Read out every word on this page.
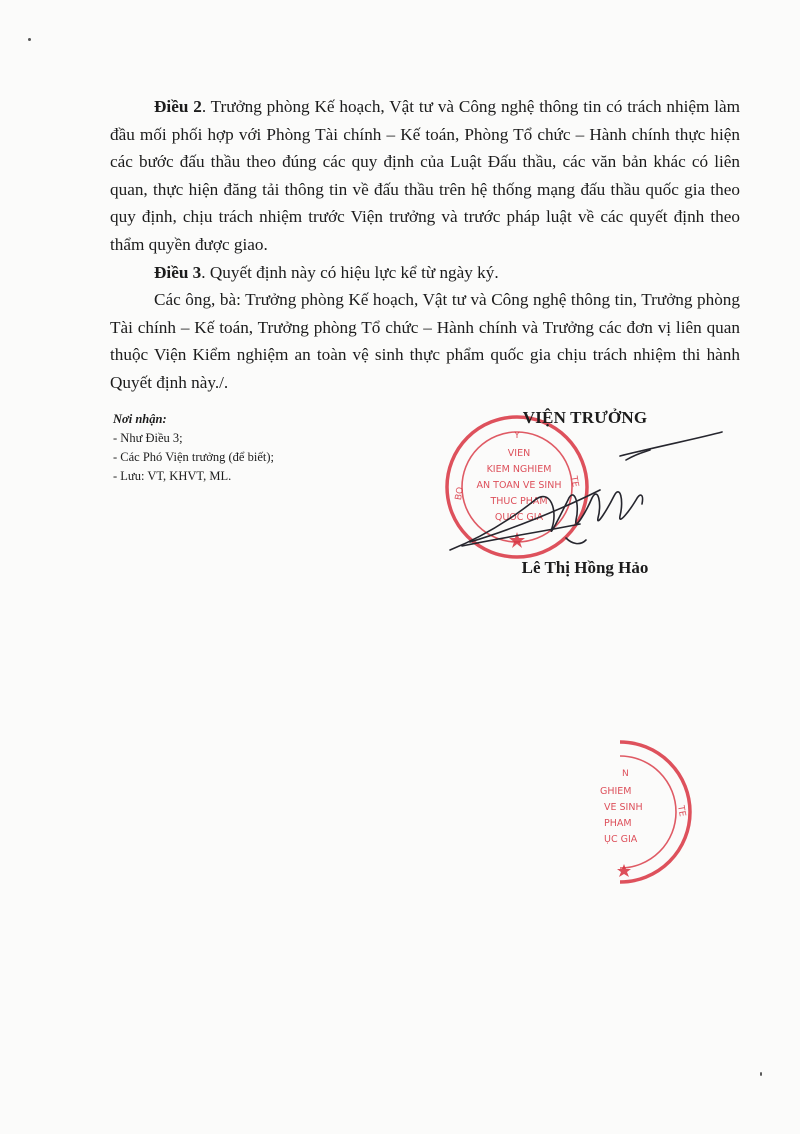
Điều 2. Trưởng phòng Kế hoạch, Vật tư và Công nghệ thông tin có trách nhiệm làm đầu mối phối hợp với Phòng Tài chính – Kế toán, Phòng Tổ chức – Hành chính thực hiện các bước đấu thầu theo đúng các quy định của Luật Đấu thầu, các văn bản khác có liên quan, thực hiện đăng tải thông tin về đấu thầu trên hệ thống mạng đấu thầu quốc gia theo quy định, chịu trách nhiệm trước Viện trưởng và trước pháp luật về các quyết định theo thẩm quyền được giao.

Điều 3. Quyết định này có hiệu lực kể từ ngày ký.

Các ông, bà: Trưởng phòng Kế hoạch, Vật tư và Công nghệ thông tin, Trưởng phòng Tài chính – Kế toán, Trưởng phòng Tổ chức – Hành chính và Trưởng các đơn vị liên quan thuộc Viện Kiểm nghiệm an toàn vệ sinh thực phẩm quốc gia chịu trách nhiệm thi hành Quyết định này./.

Nơi nhận:
- Như Điều 3;
- Các Phó Viện trưởng (để biết);
- Lưu: VT, KHVT, ML.
Y
BO
TE
VIEN
KIEM NGHIEM
AN TOAN VE SINH
THUC PHAM
QUOC GIA
VIỆN TRƯỞNG
Lê Thị Hồng Hảo
N
GHIEM
VE SINH
PHAM
ỤC GIA
TE
